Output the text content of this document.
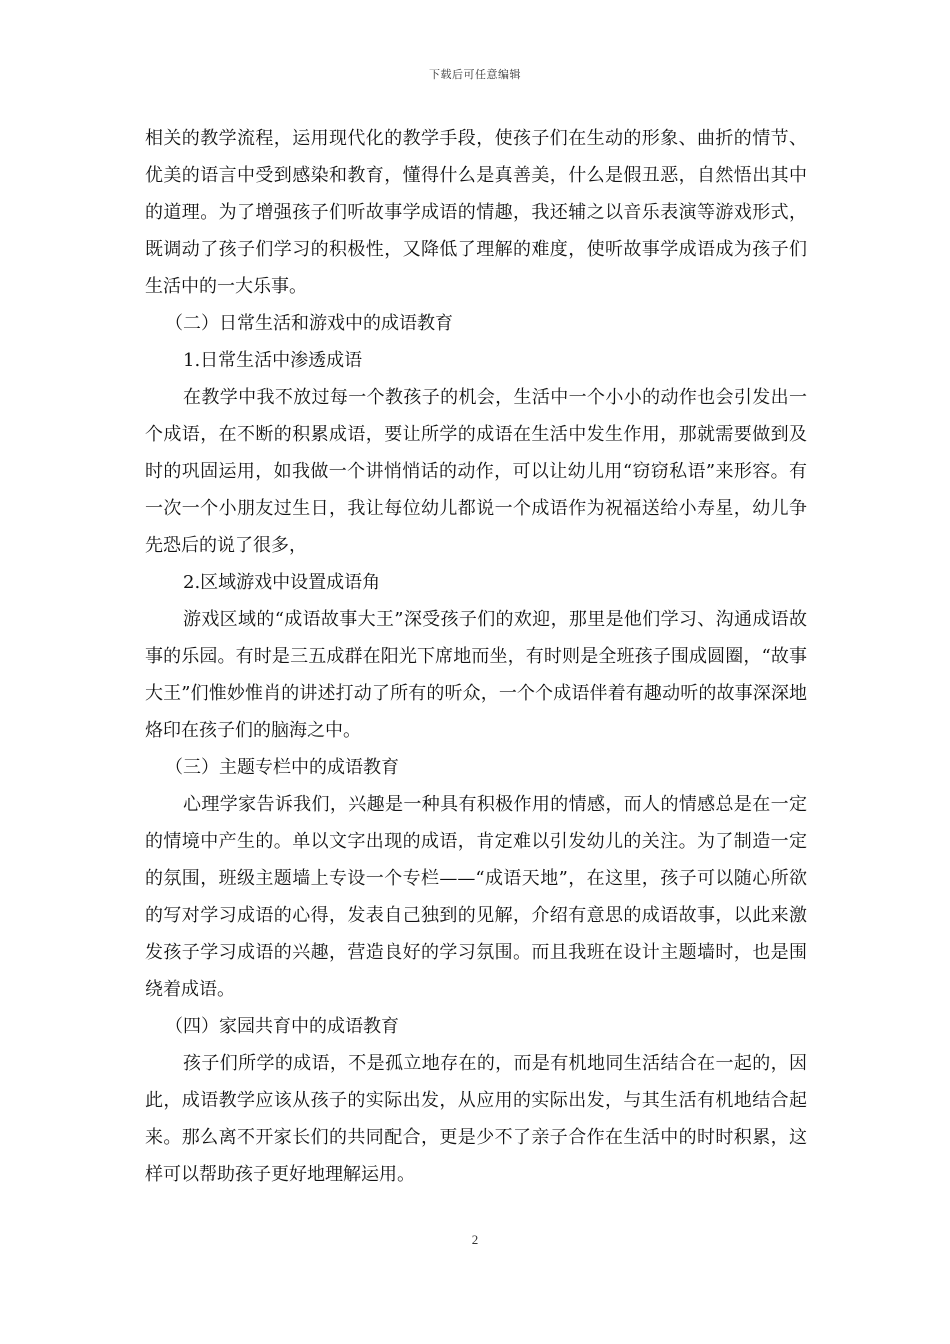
下载后可任意编辑

相关的教学流程，运用现代化的教学手段，使孩子们在生动的形象、曲折的情节、优美的语言中受到感染和教育，懂得什么是真善美，什么是假丑恶，自然悟出其中的道理。为了增强孩子们听故事学成语的情趣，我还辅之以音乐表演等游戏形式，既调动了孩子们学习的积极性，又降低了理解的难度，使听故事学成语成为孩子们生活中的一大乐事。

（二）日常生活和游戏中的成语教育

1.日常生活中渗透成语

在教学中我不放过每一个教孩子的机会，生活中一个小小的动作也会引发出一个成语，在不断的积累成语，要让所学的成语在生活中发生作用，那就需要做到及时的巩固运用，如我做一个讲悄悄话的动作，可以让幼儿用“窃窃私语”来形容。有一次一个小朋友过生日，我让每位幼儿都说一个成语作为祝福送给小寿星，幼儿争先恐后的说了很多，

2.区域游戏中设置成语角

游戏区域的“成语故事大王”深受孩子们的欢迎，那里是他们学习、沟通成语故事的乐园。有时是三五成群在阳光下席地而坐，有时则是全班孩子围成圆圈，“故事大王”们惟妙惟肖的讲述打动了所有的听众，一个个成语伴着有趣动听的故事深深地烙印在孩子们的脑海之中。

（三）主题专栏中的成语教育

心理学家告诉我们，兴趣是一种具有积极作用的情感，而人的情感总是在一定的情境中产生的。单以文字出现的成语，肯定难以引发幼儿的关注。为了制造一定的氛围，班级主题墙上专设一个专栏——“成语天地”，在这里，孩子可以随心所欲的写对学习成语的心得，发表自己独到的见解，介绍有意思的成语故事，以此来激发孩子学习成语的兴趣，营造良好的学习氛围。而且我班在设计主题墙时，也是围绕着成语。

（四）家园共育中的成语教育

孩子们所学的成语，不是孤立地存在的，而是有机地同生活结合在一起的，因此，成语教学应该从孩子的实际出发，从应用的实际出发，与其生活有机地结合起来。那么离不开家长们的共同配合，更是少不了亲子合作在生活中的时时积累，这样可以帮助孩子更好地理解运用。

2
